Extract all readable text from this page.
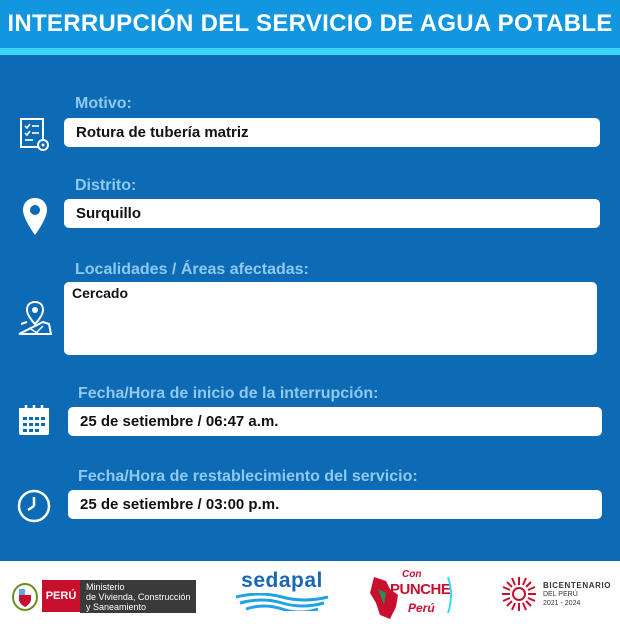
INTERRUPCIÓN DEL SERVICIO DE AGUA POTABLE
Motivo:
Rotura de tubería matriz
Distrito:
Surquillo
Localidades / Áreas afectadas:
Cercado
Fecha/Hora de inicio de la interrupción:
25 de setiembre / 06:47 a.m.
Fecha/Hora de restablecimiento del servicio:
25 de setiembre / 03:00 p.m.
PERÚ
Ministerio
de Vivienda, Construcción
y Saneamiento
sedapal	Con
PUNCHE
Perú
BICENTENARIO
DEL PERÚ
2021 - 2024
